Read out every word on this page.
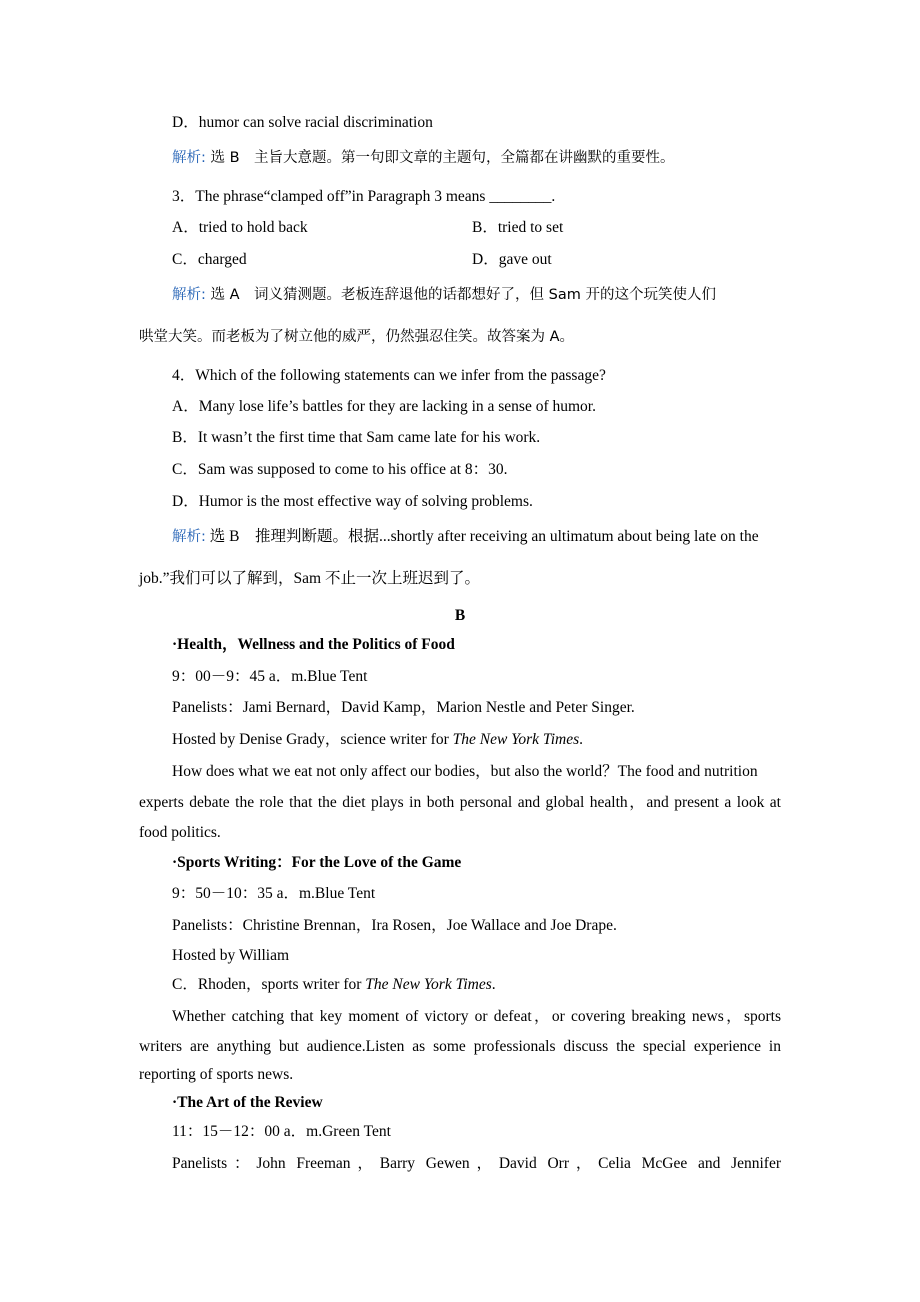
D．humor can solve racial discrimination
解析: 选 B　主旨大意题。第一句即文章的主题句，全篇都在讲幽默的重要性。
3．The phrase“clamped off”in Paragraph 3 means ________.
A．tried to hold back	B．tried to set
C．charged	D．gave out
解析: 选 A　词义猜测题。老板连辞退他的话都想好了，但 Sam 开的这个玩笑使人们
哄堂大笑。而老板为了树立他的威严，仍然强忍住笑。故答案为 A。
4．Which of the following statements can we infer from the passage?
A．Many lose life’s battles for they are lacking in a sense of humor.
B．It wasn’t the first time that Sam came late for his work.
C．Sam was supposed to come to his office at 8：30.
D．Humor is the most effective way of solving problems.
解析: 选 B　推理判断题。根据...shortly after receiving an ultimatum about being late on the
job.”我们可以了解到，Sam 不止一次上班迟到了。
B
·Health，Wellness and the Politics of Food
9：00－9：45 a．m.Blue Tent
Panelists：Jami Bernard，David Kamp，Marion Nestle and Peter Singer.
Hosted by Denise Grady，science writer for The New York Times.
How does what we eat not only affect our bodies，but also the world？The food and nutrition
experts debate the role that the diet plays in both personal and global health，and present a look at
food politics.
·Sports Writing：For the Love of the Game
9：50－10：35 a．m.Blue Tent
Panelists：Christine Brennan，Ira Rosen，Joe Wallace and Joe Drape.
Hosted by William
C．Rhoden，sports writer for The New York Times.
Whether catching that key moment of victory or defeat，or covering breaking news，sports
writers are anything but audience.Listen as some professionals discuss the special experience in
reporting of sports news.
·The Art of the Review
11：15－12：00 a．m.Green Tent
Panelists：John Freeman，Barry Gewen，David Orr，Celia McGee and Jennifer
